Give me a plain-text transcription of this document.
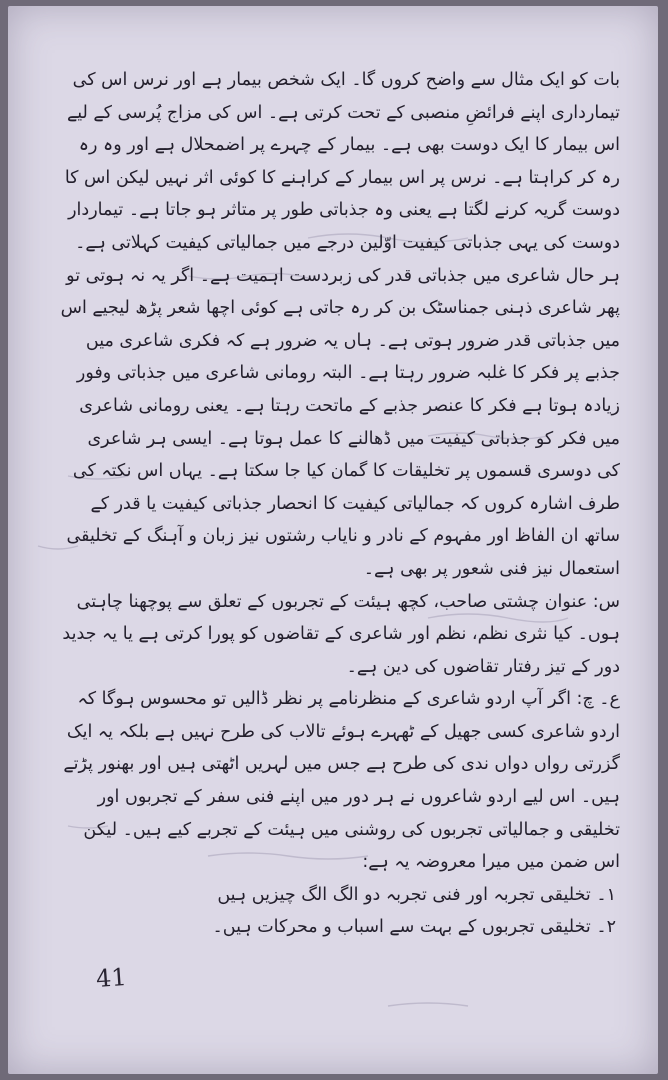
بات کو ایک مثال سے واضح کروں گا۔ ایک شخص بیمار ہے اور نرس اس کی تیمارداری اپنے فرائضِ منصبی کے تحت کرتی ہے۔ اس کی مزاج پُرسی کے لیے اس بیمار کا ایک دوست بھی ہے۔ بیمار کے چہرے پر اضمحلال ہے اور وہ رہ رہ کر کراہتا ہے۔ نرس پر اس بیمار کے کراہنے کا کوئی اثر نہیں لیکن اس کا دوست گریہ کرنے لگتا ہے یعنی وہ جذباتی طور پر متاثر ہو جاتا ہے۔ تیماردار دوست کی یہی جذباتی کیفیت اوّلین درجے میں جمالیاتی کیفیت کہلاتی ہے۔

ہر حال شاعری میں جذباتی قدر کی زبردست اہمیت ہے۔ اگر یہ نہ ہوتی تو پھر شاعری ذہنی جمناسٹک بن کر رہ جاتی ہے کوئی اچھا شعر پڑھ لیجیے اس میں جذباتی قدر ضرور ہوتی ہے۔ ہاں یہ ضرور ہے کہ فکری شاعری میں جذبے پر فکر کا غلبہ ضرور رہتا ہے۔ البتہ رومانی شاعری میں جذباتی وفور زیادہ ہوتا ہے فکر کا عنصر جذبے کے ماتحت رہتا ہے۔ یعنی رومانی شاعری میں فکر کو جذباتی کیفیت میں ڈھالنے کا عمل ہوتا ہے۔ ایسی ہر شاعری کی دوسری قسموں پر تخلیقات کا گمان کیا جا سکتا ہے۔ یہاں اس نکتہ کی طرف اشارہ کروں کہ جمالیاتی کیفیت کا انحصار جذباتی کیفیت یا قدر کے ساتھ ان الفاظ اور مفہوم کے نادر و نایاب رشتوں نیز زبان و آہنگ کے تخلیقی استعمال نیز فنی شعور پر بھی ہے۔

س: عنوان چشتی صاحب، کچھ ہیئت کے تجربوں کے تعلق سے پوچھنا چاہتی ہوں۔ کیا نثری نظم، نظم اور شاعری کے تقاضوں کو پورا کرتی ہے یا یہ جدید دور کے تیز رفتار تقاضوں کی دین ہے۔

ع۔ چ: اگر آپ اردو شاعری کے منظرنامے پر نظر ڈالیں تو محسوس ہوگا کہ اردو شاعری کسی جھیل کے ٹھہرے ہوئے تالاب کی طرح نہیں ہے بلکہ یہ ایک گزرتی رواں دواں ندی کی طرح ہے جس میں لہریں اٹھتی ہیں اور بھنور پڑتے ہیں۔ اس لیے اردو شاعروں نے ہر دور میں اپنے فنی سفر کے تجربوں اور تخلیقی و جمالیاتی تجربوں کی روشنی میں ہیئت کے تجربے کیے ہیں۔ لیکن اس ضمن میں میرا معروضہ یہ ہے:

۱۔ تخلیقی تجربہ اور فنی تجربہ دو الگ الگ چیزیں ہیں

۲۔ تخلیقی تجربوں کے بہت سے اسباب و محرکات ہیں۔

41
